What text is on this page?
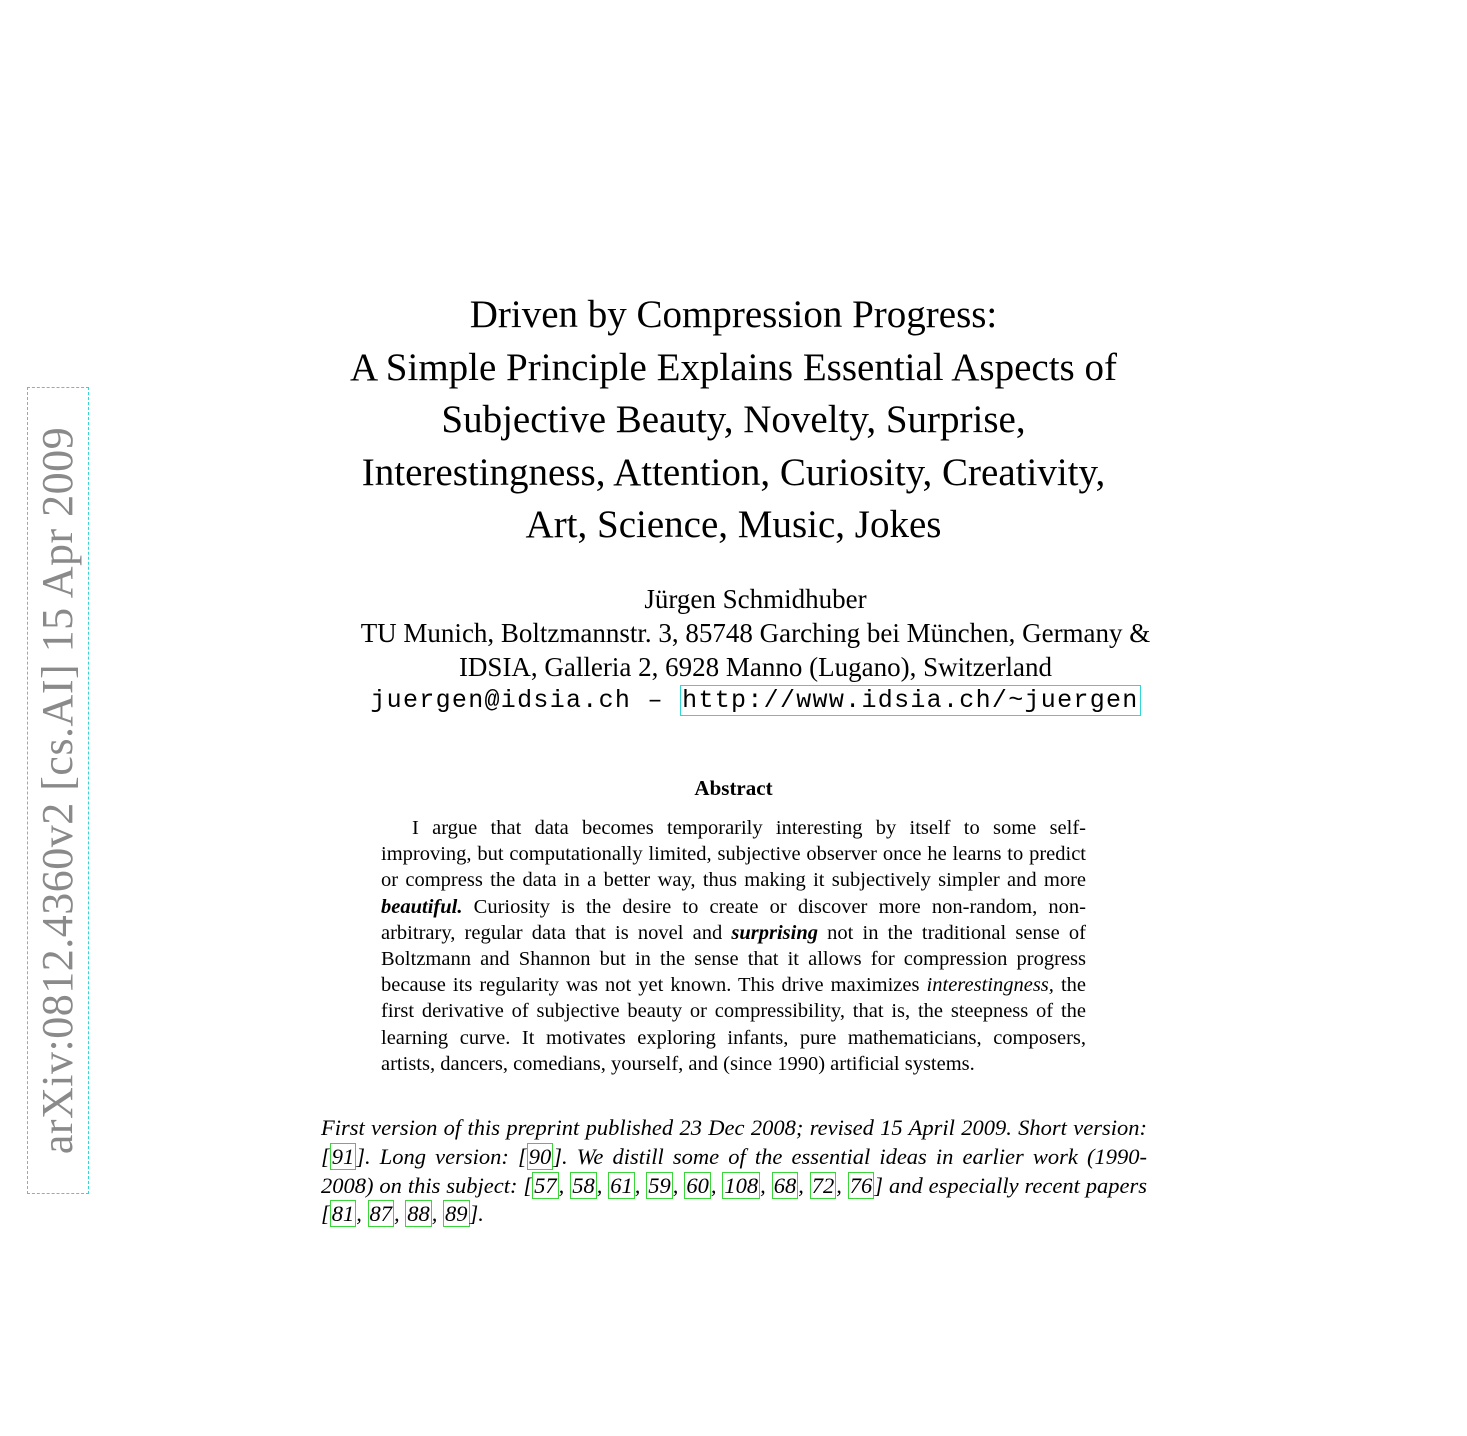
arXiv:0812.4360v2 [cs.AI] 15 Apr 2009
Driven by Compression Progress:
A Simple Principle Explains Essential Aspects of
Subjective Beauty, Novelty, Surprise,
Interestingness, Attention, Curiosity, Creativity,
Art, Science, Music, Jokes
Jürgen Schmidhuber
TU Munich, Boltzmannstr. 3, 85748 Garching bei München, Germany &
IDSIA, Galleria 2, 6928 Manno (Lugano), Switzerland
juergen@idsia.ch – http://www.idsia.ch/~juergen
Abstract
I argue that data becomes temporarily interesting by itself to some self-improving, but computationally limited, subjective observer once he learns to predict or compress the data in a better way, thus making it subjectively simpler and more beautiful. Curiosity is the desire to create or discover more non-random, non-arbitrary, regular data that is novel and surprising not in the traditional sense of Boltzmann and Shannon but in the sense that it allows for compression progress because its regularity was not yet known. This drive maximizes interestingness, the first derivative of subjective beauty or compressibility, that is, the steepness of the learning curve. It motivates exploring infants, pure mathematicians, composers, artists, dancers, comedians, yourself, and (since 1990) artificial systems.
First version of this preprint published 23 Dec 2008; revised 15 April 2009. Short version: [91]. Long version: [90]. We distill some of the essential ideas in earlier work (1990-2008) on this subject: [57, 58, 61, 59, 60, 108, 68, 72, 76] and especially recent papers [81, 87, 88, 89].
